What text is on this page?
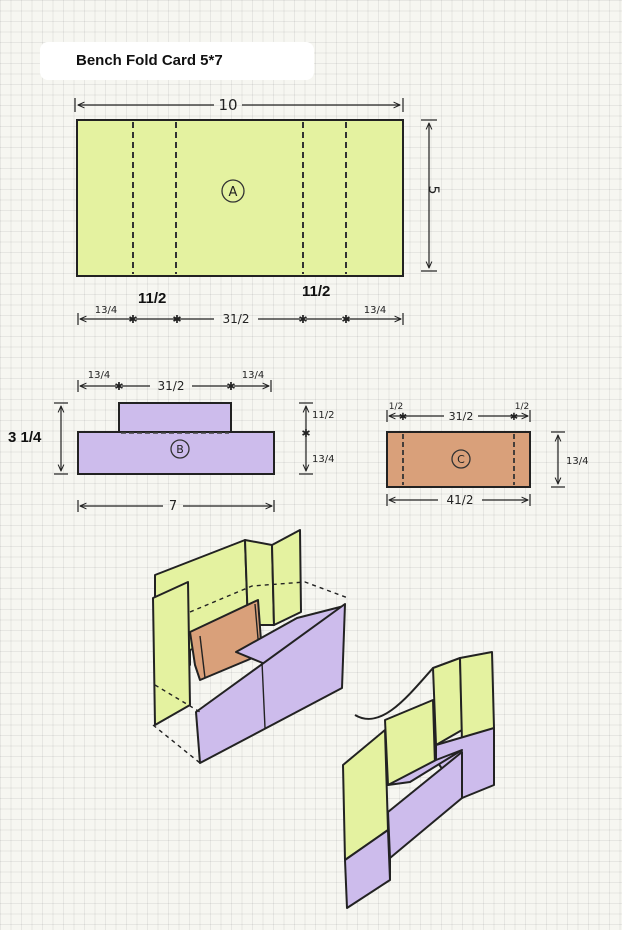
Bench Fold Card 5*7
A
10
5
11/2	11/2
✱	✱	✱	✱
13/4
31/2
13/4
B
✱	✱
13/4
31/2
13/4
3 1/4	✱
11/2
13/4
7
C
✱	✱
1/2
31/2
1/2
13/4
41/2
